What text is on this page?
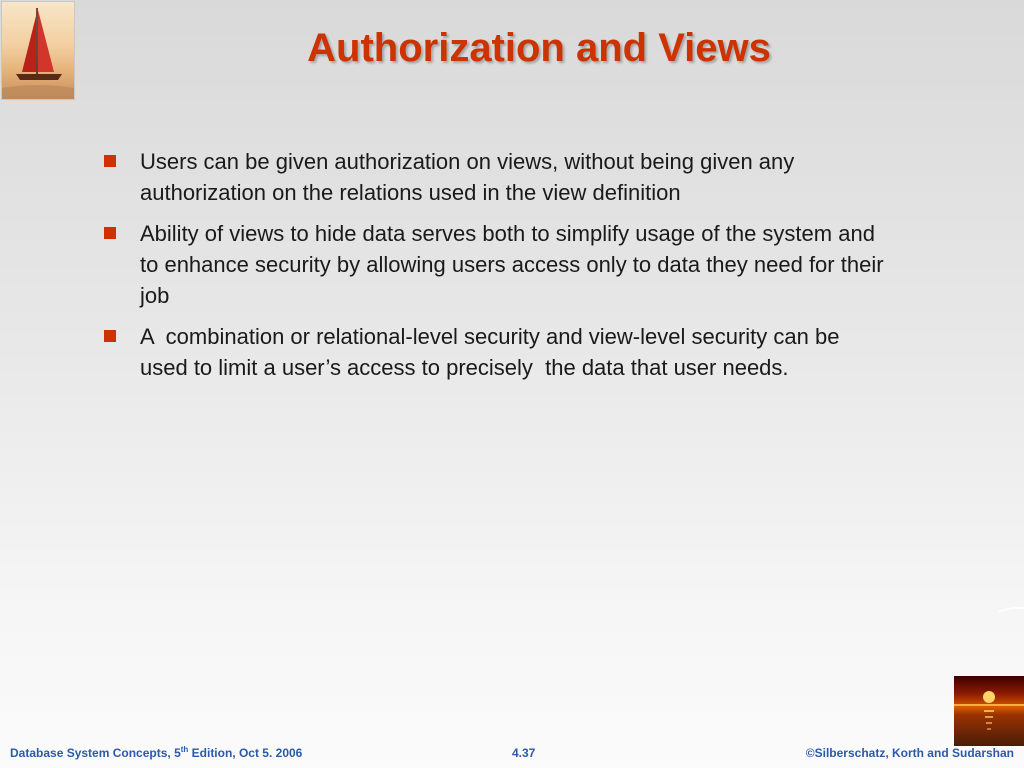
Authorization and Views
Users can be given authorization on views, without being given any authorization on the relations used in the view definition
Ability of views to hide data serves both to simplify usage of the system and to enhance security by allowing users access only to data they need for their job
A  combination or relational-level security and view-level security can be used to limit a user’s access to precisely  the data that user needs.
Database System Concepts, 5th Edition, Oct 5. 2006	4.37	©Silberschatz, Korth and Sudarshan
